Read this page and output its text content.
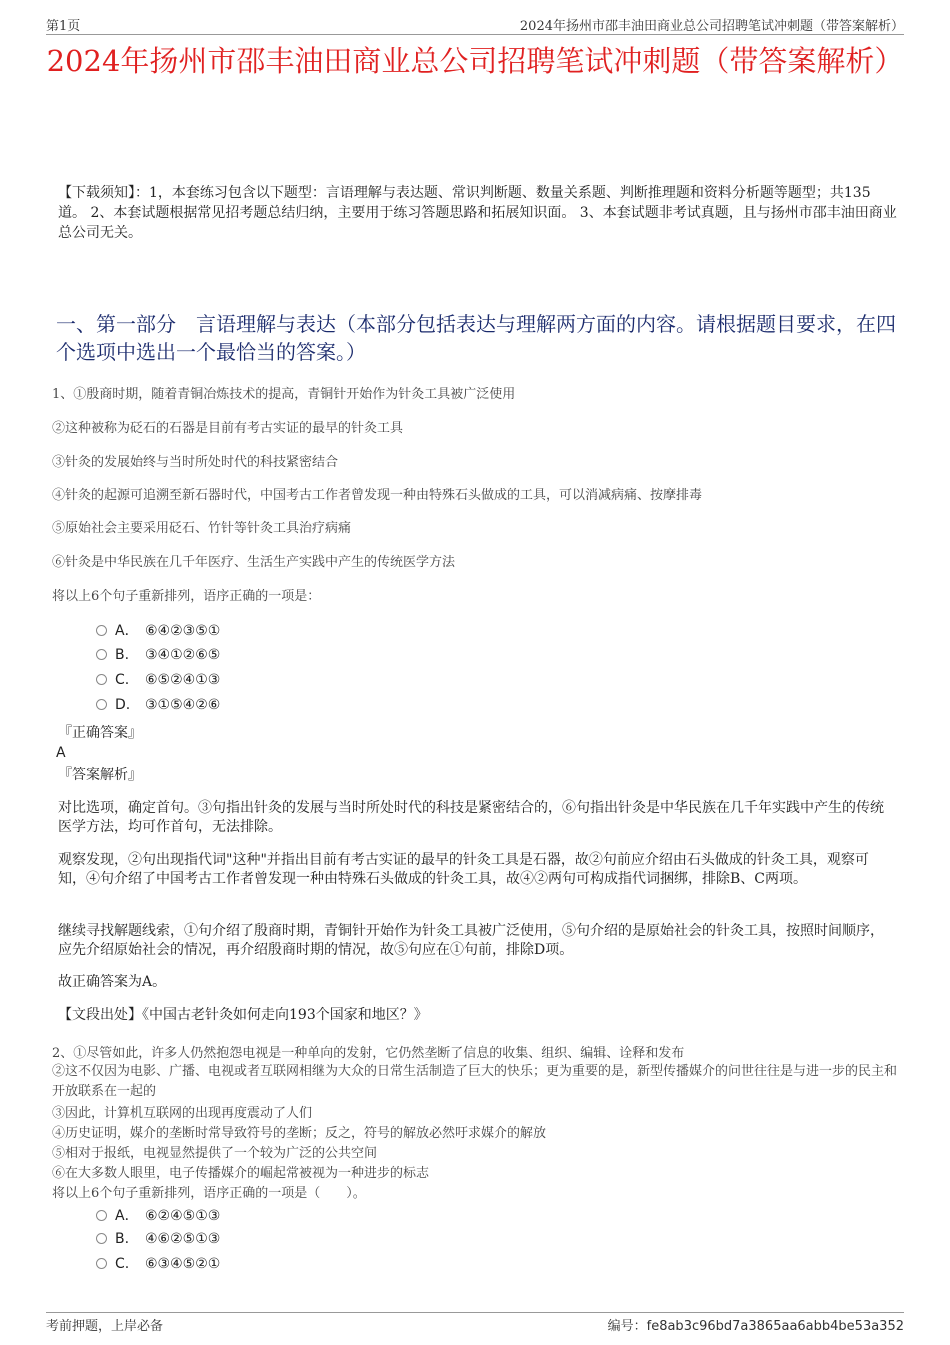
第1页	2024年扬州市邵丰油田商业总公司招聘笔试冲刺题（带答案解析）
2024年扬州市邵丰油田商业总公司招聘笔试冲刺题（带答案解析）
【下载须知】：1，本套练习包含以下题型：言语理解与表达题、常识判断题、数量关系题、判断推理题和资料分析题等题型；共135道。 2、本套试题根据常见招考题总结归纳，主要用于练习答题思路和拓展知识面。 3、本套试题非考试真题，且与扬州市邵丰油田商业总公司无关。
一、第一部分　言语理解与表达（本部分包括表达与理解两方面的内容。请根据题目要求，在四个选项中选出一个最恰当的答案。）
1、①殷商时期，随着青铜冶炼技术的提高，青铜针开始作为针灸工具被广泛使用
②这种被称为砭石的石器是目前有考古实证的最早的针灸工具
③针灸的发展始终与当时所处时代的科技紧密结合
④针灸的起源可追溯至新石器时代，中国考古工作者曾发现一种由特殊石头做成的工具，可以消减病痛、按摩排毒
⑤原始社会主要采用砭石、竹针等针灸工具治疗病痛
⑥针灸是中华民族在几千年医疗、生活生产实践中产生的传统医学方法
将以上6个句子重新排列，语序正确的一项是：
A． ⑥④②③⑤①
B. ③④①②⑥⑤
C. ⑥⑤②④①③
D. ③①⑤④②⑥
『正确答案』
A
『答案解析』
对比选项，确定首句。③句指出针灸的发展与当时所处时代的科技是紧密结合的，⑥句指出针灸是中华民族在几千年实践中产生的传统医学方法，均可作首句，无法排除。
观察发现，②句出现指代词"这种"并指出目前有考古实证的最早的针灸工具是石器，故②句前应介绍由石头做成的针灸工具，观察可知，④句介绍了中国考古工作者曾发现一种由特殊石头做成的针灸工具，故④②两句可构成指代词捆绑，排除B、C两项。
继续寻找解题线索，①句介绍了殷商时期，青铜针开始作为针灸工具被广泛使用，⑤句介绍的是原始社会的针灸工具，按照时间顺序，应先介绍原始社会的情况，再介绍殷商时期的情况，故⑤句应在①句前，排除D项。
故正确答案为A。
【文段出处】《中国古老针灸如何走向193个国家和地区？》
2、①尽管如此，许多人仍然抱怨电视是一种单向的发射，它仍然垄断了信息的收集、组织、编辑、诠释和发布
②这不仅因为电影、广播、电视或者互联网相继为大众的日常生活制造了巨大的快乐；更为重要的是，新型传播媒介的问世往往是与进一步的民主和开放联系在一起的
③因此，计算机互联网的出现再度震动了人们
④历史证明，媒介的垄断时常导致符号的垄断；反之，符号的解放必然吁求媒介的解放
⑤相对于报纸，电视显然提供了一个较为广泛的公共空间
⑥在大多数人眼里，电子传播媒介的崛起常被视为一种进步的标志
将以上6个句子重新排列，语序正确的一项是（　　）。
A． ⑥②④⑤①③
B. ④⑥②⑤①③
C. ⑥③④⑤②①
考前押题，上岸必备	编号：fe8ab3c96bd7a3865aa6abb4be53a352
